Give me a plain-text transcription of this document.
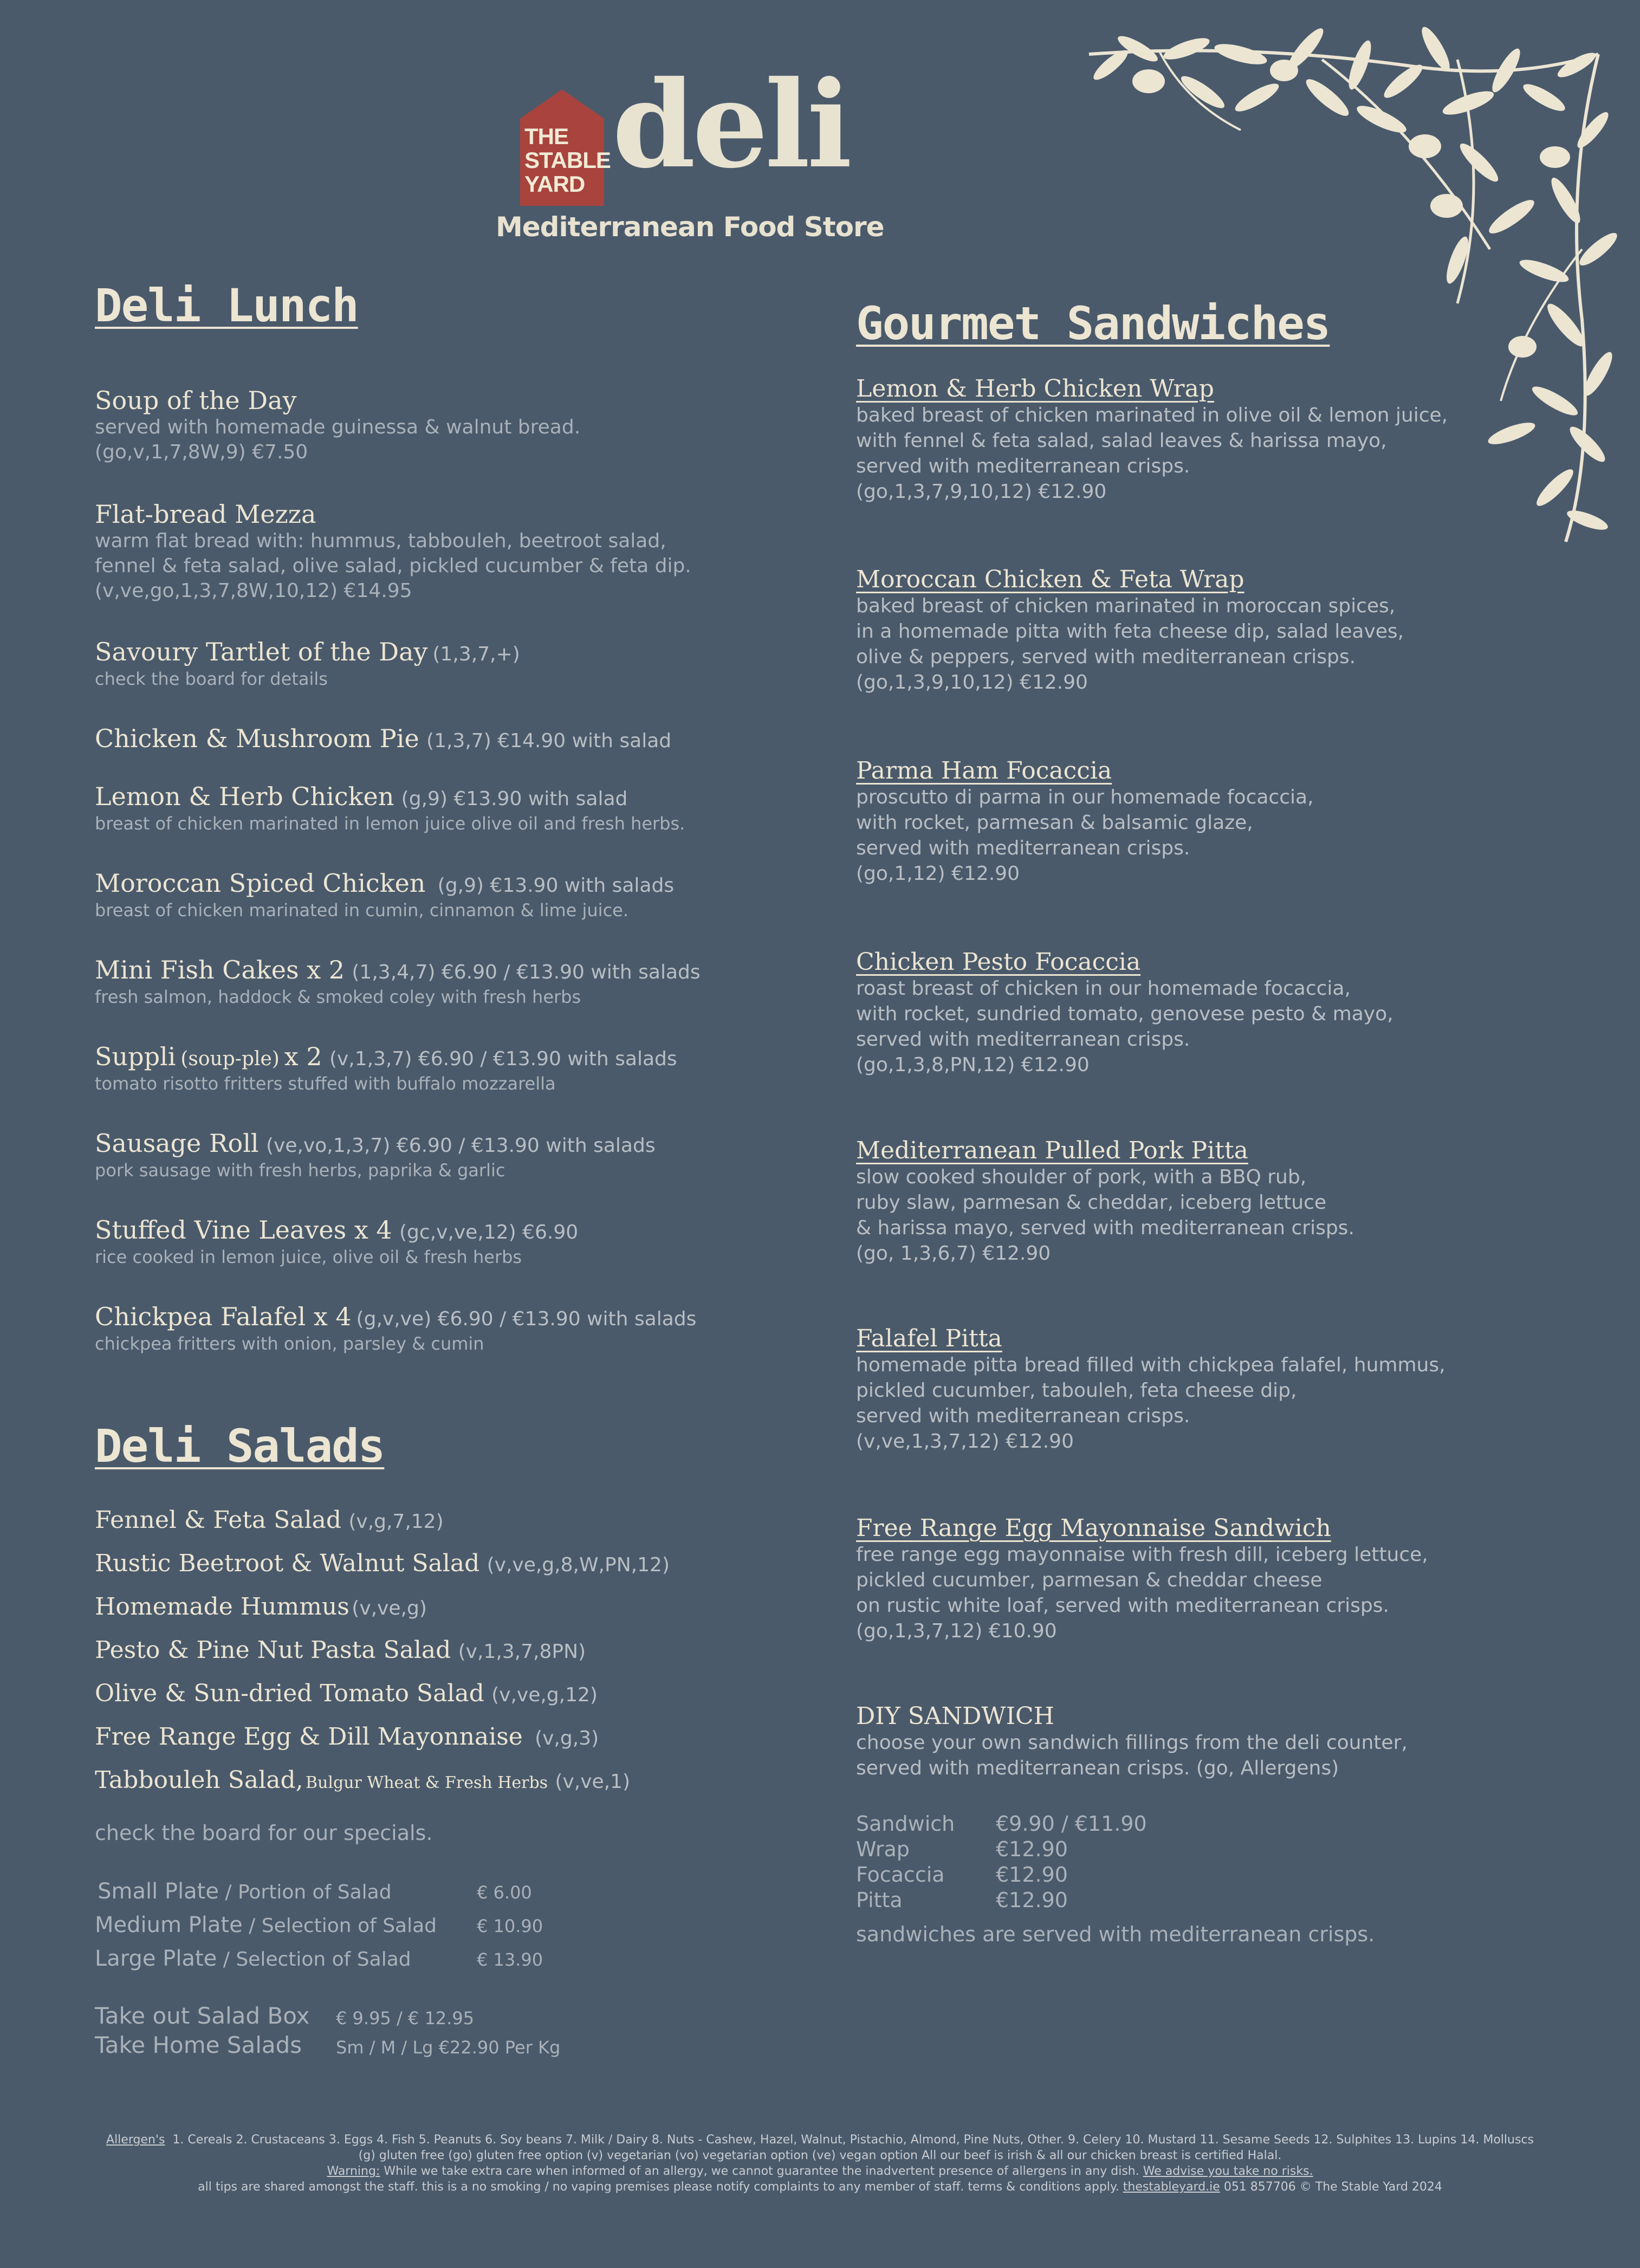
THE
STABLE
YARD deli
Mediterranean Food Store
Deli Lunch
Soup of the Day
served with homemade guinessa & walnut bread.
(go,v,1,7,8W,9) €7.50
Flat-bread Mezza
warm flat bread with: hummus, tabbouleh, beetroot salad,
fennel & feta salad, olive salad, pickled cucumber & feta dip.
(v,ve,go,1,3,7,8W,10,12) €14.95
Savoury Tartlet of the Day (1,3,7,+)
check the board for details
Chicken & Mushroom Pie (1,3,7) €14.90 with salad
Lemon & Herb Chicken (g,9) €13.90 with salad
breast of chicken marinated in lemon juice olive oil and fresh herbs.
Moroccan Spiced Chicken (g,9) €13.90 with salads
breast of chicken marinated in cumin, cinnamon & lime juice.
Mini Fish Cakes x 2 (1,3,4,7) €6.90 / €13.90 with salads
fresh salmon, haddock & smoked coley with fresh herbs
Suppli (soup-ple) x 2 (v,1,3,7) €6.90 / €13.90 with salads
tomato risotto fritters stuffed with buffalo mozzarella
Sausage Roll (ve,vo,1,3,7) €6.90 / €13.90 with salads
pork sausage with fresh herbs, paprika & garlic
Stuffed Vine Leaves x 4 (gc,v,ve,12) €6.90
rice cooked in lemon juice, olive oil & fresh herbs
Chickpea Falafel x 4 (g,v,ve) €6.90 / €13.90 with salads
chickpea fritters with onion, parsley & cumin
Deli Salads
Fennel & Feta Salad (v,g,7,12)
Rustic Beetroot & Walnut Salad (v,ve,g,8,W,PN,12)
Homemade Hummus (v,ve,g)
Pesto & Pine Nut Pasta Salad (v,1,3,7,8PN)
Olive & Sun-dried Tomato Salad (v,ve,g,12)
Free Range Egg & Dill Mayonnaise (v,g,3)
Tabbouleh Salad, Bulgur Wheat & Fresh Herbs (v,ve,1)
check the board for our specials.
Small Plate / Portion of Salad	€ 6.00
Medium Plate / Selection of Salad € 10.90
Large Plate / Selection of Salad	€ 13.90
Take out Salad Box € 9.95 / € 12.95
Take Home Salads Sm / M / Lg €22.90 Per Kg
Gourmet Sandwiches
Lemon & Herb Chicken Wrap
baked breast of chicken marinated in olive oil & lemon juice,
with fennel & feta salad, salad leaves & harissa mayo,
served with mediterranean crisps.
(go,1,3,7,9,10,12) €12.90
Moroccan Chicken & Feta Wrap
baked breast of chicken marinated in moroccan spices,
in a homemade pitta with feta cheese dip, salad leaves,
olive & peppers, served with mediterranean crisps.
(go,1,3,9,10,12) €12.90
Parma Ham Focaccia
proscutto di parma in our homemade focaccia,
with rocket, parmesan & balsamic glaze,
served with mediterranean crisps.
(go,1,12) €12.90
Chicken Pesto Focaccia
roast breast of chicken in our homemade focaccia,
with rocket, sundried tomato, genovese pesto & mayo,
served with mediterranean crisps.
(go,1,3,8,PN,12) €12.90
Mediterranean Pulled Pork Pitta
slow cooked shoulder of pork, with a BBQ rub,
ruby slaw, parmesan & cheddar, iceberg lettuce
& harissa mayo, served with mediterranean crisps.
(go, 1,3,6,7) €12.90
Falafel Pitta
homemade pitta bread filled with chickpea falafel, hummus,
pickled cucumber, tabouleh, feta cheese dip,
served with mediterranean crisps.
(v,ve,1,3,7,12) €12.90
Free Range Egg Mayonnaise Sandwich
free range egg mayonnaise with fresh dill, iceberg lettuce,
pickled cucumber, parmesan & cheddar cheese
on rustic white loaf, served with mediterranean crisps.
(go,1,3,7,12) €10.90
DIY SANDWICH
choose your own sandwich fillings from the deli counter,
served with mediterranean crisps. (go, Allergens)
Sandwich €9.90 / €11.90
Wrap	€12.90
Focaccia €12.90
Pitta	€12.90
sandwiches are served with mediterranean crisps.
Allergen's 1. Cereals 2. Crustaceans 3. Eggs 4. Fish 5. Peanuts 6. Soy beans 7. Milk / Dairy 8. Nuts - Cashew, Hazel, Walnut, Pistachio, Almond, Pine Nuts, Other. 9. Celery 10. Mustard 11. Sesame Seeds 12. Sulphites 13. Lupins 14. Molluscs
(g) gluten free (go) gluten free option (v) vegetarian (vo) vegetarian option (ve) vegan option All our beef is irish & all our chicken breast is certified Halal.
Warning: While we take extra care when informed of an allergy, we cannot guarantee the inadvertent presence of allergens in any dish. We advise you take no risks.
all tips are shared amongst the staff. this is a no smoking / no vaping premises please notify complaints to any member of staff. terms & conditions apply. thestableyard.ie 051 857706 © The Stable Yard 2024
